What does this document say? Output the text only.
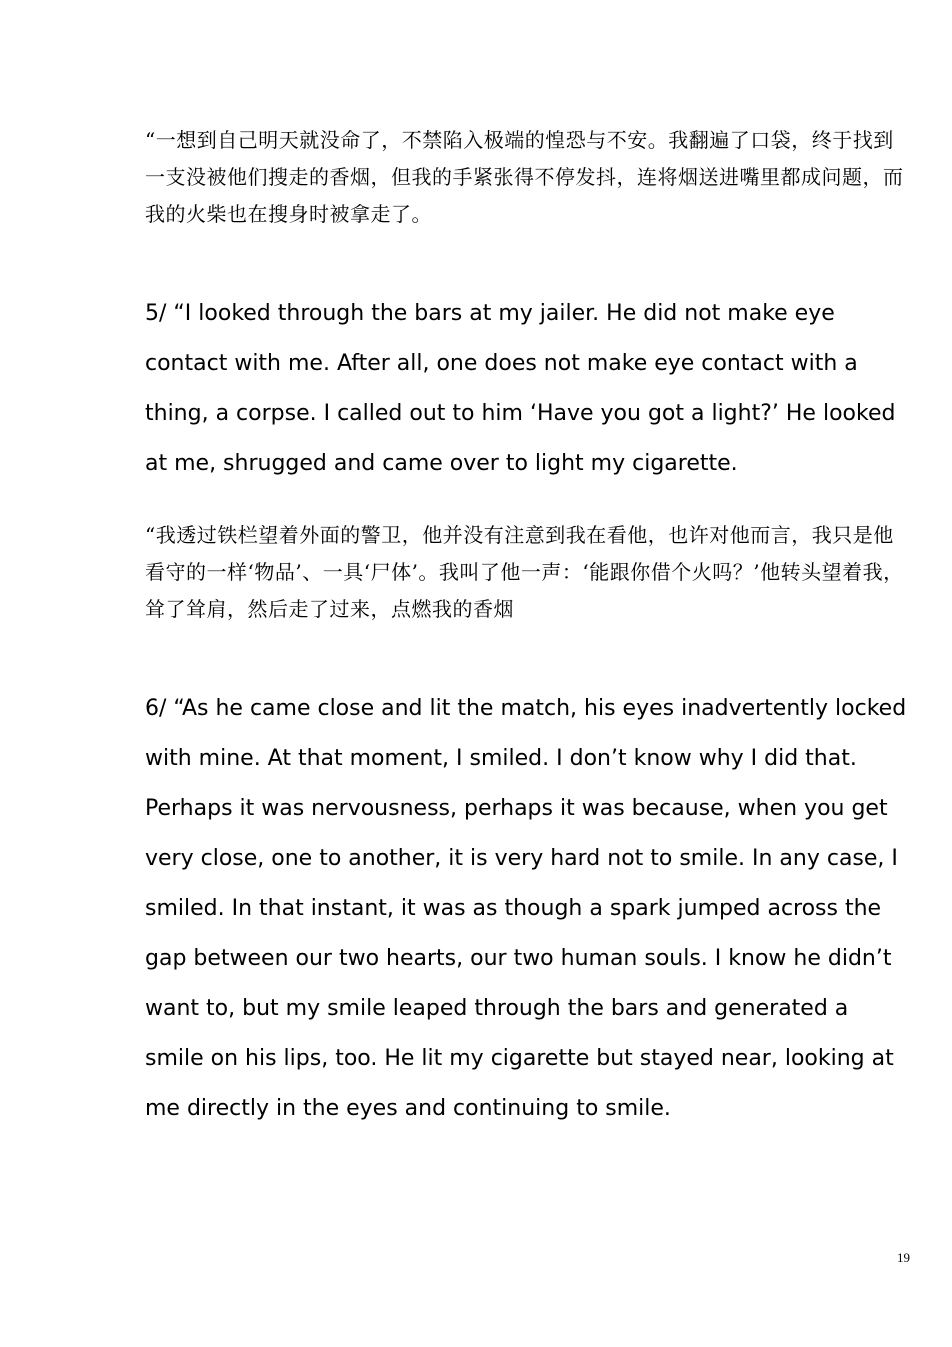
“一想到自己明天就没命了，不禁陷入极端的惶恐与不安。我翻遍了口袋，终于找到一支没被他们搜走的香烟，但我的手紧张得不停发抖，连将烟送进嘴里都成问题，而我的火柴也在搜身时被拿走了。

5/ “I looked through the bars at my jailer. He did not make eye contact with me. After all, one does not make eye contact with a thing, a corpse. I called out to him ‘Have you got a light?’ He looked at me, shrugged and came over to light my cigarette.

“我透过铁栏望着外面的警卫，他并没有注意到我在看他，也许对他而言，我只是他看守的一样‘物品’、一具‘尸体’。我叫了他一声：‘能跟你借个火吗？’他转头望着我，耸了耸肩，然后走了过来，点燃我的香烟

6/ “As he came close and lit the match, his eyes inadvertently locked with mine. At that moment, I smiled. I don’t know why I did that. Perhaps it was nervousness, perhaps it was because, when you get very close, one to another, it is very hard not to smile. In any case, I smiled. In that instant, it was as though a spark jumped across the gap between our two hearts, our two human souls. I know he didn’t want to, but my smile leaped through the bars and generated a smile on his lips, too. He lit my cigarette but stayed near, looking at me directly in the eyes and continuing to smile.

19
